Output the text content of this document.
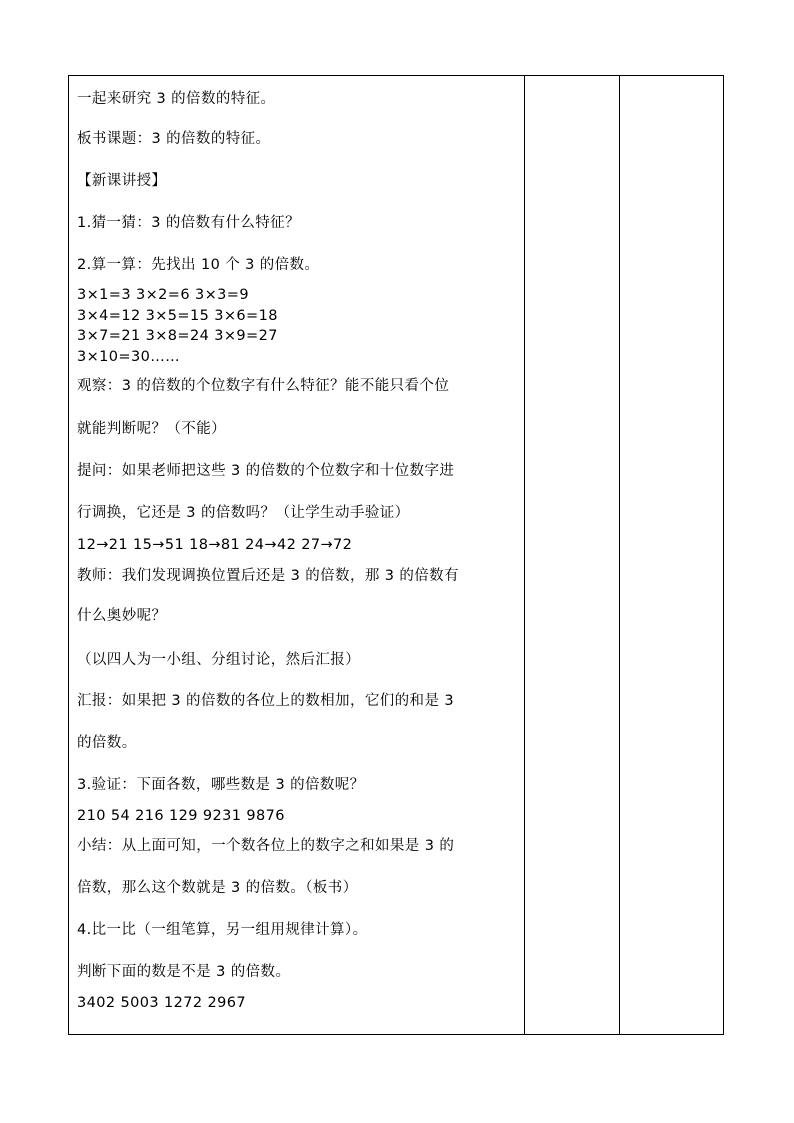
一起来研究 3 的倍数的特征。
板书课题：3 的倍数的特征。
【新课讲授】
1.猜一猜：3 的倍数有什么特征？
2.算一算：先找出 10 个 3 的倍数。
3×1=3 3×2=6 3×3=9
3×4=12 3×5=15 3×6=18
3×7=21 3×8=24 3×9=27
3×10=30……
观察：3 的倍数的个位数字有什么特征？能不能只看个位
就能判断呢？（不能）
提问：如果老师把这些 3 的倍数的个位数字和十位数字进
行调换，它还是 3 的倍数吗？（让学生动手验证）
12→21 15→51 18→81 24→42 27→72
教师：我们发现调换位置后还是 3 的倍数，那 3 的倍数有
什么奥妙呢？
（以四人为一小组、分组讨论，然后汇报）
汇报：如果把 3 的倍数的各位上的数相加，它们的和是 3
的倍数。
3.验证：下面各数，哪些数是 3 的倍数呢？
210 54 216 129 9231 9876
小结：从上面可知，一个数各位上的数字之和如果是 3 的
倍数，那么这个数就是 3 的倍数。（板书）
4.比一比（一组笔算，另一组用规律计算）。
判断下面的数是不是 3 的倍数。
3402 5003 1272 2967
